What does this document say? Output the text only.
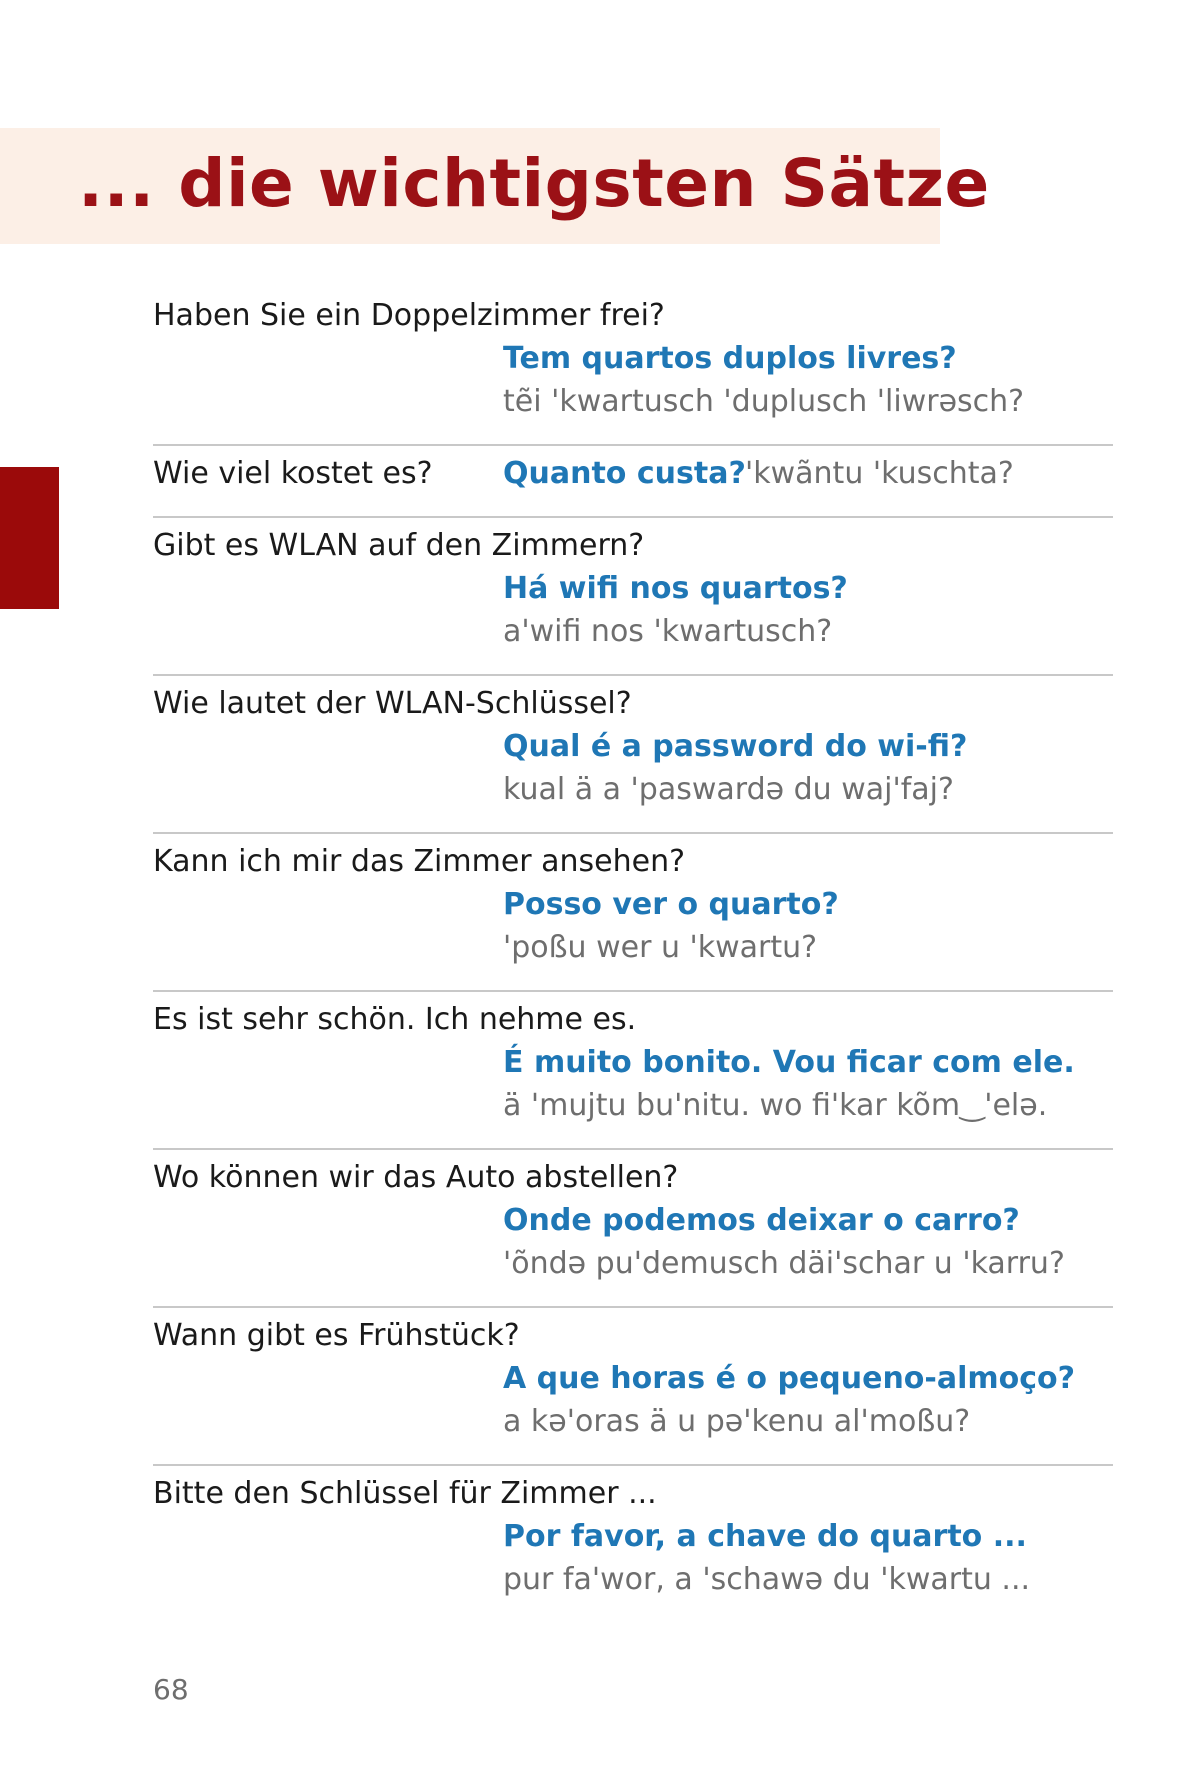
... die wichtigsten Sätze
Haben Sie ein Doppelzimmer frei?
Tem quartos duplos livres?
tẽi 'kwartusch 'duplusch 'liwrəsch?
Wie viel kostet es? Quanto custa? 'kwãntu 'kuschta?
Gibt es WLAN auf den Zimmern?
Há wifi nos quartos?
a'wifi nos 'kwartusch?
Wie lautet der WLAN-Schlüssel?
Qual é a password do wi-fi?
kual ä a 'paswardə du waj'faj?
Kann ich mir das Zimmer ansehen?
Posso ver o quarto?
'poßu wer u 'kwartu?
Es ist sehr schön. Ich nehme es.
É muito bonito. Vou ficar com ele.
ä 'mujtu bu'nitu. wo fi'kar kõm‿'elə.
Wo können wir das Auto abstellen?
Onde podemos deixar o carro?
'õndə pu'demusch däi'schar u 'karru?
Wann gibt es Frühstück?
A que horas é o pequeno-almoço?
a kə'oras ä u pə'kenu al'moßu?
Bitte den Schlüssel für Zimmer ...
Por favor, a chave do quarto ...
pur fa'wor, a 'schawə du 'kwartu ...
68
